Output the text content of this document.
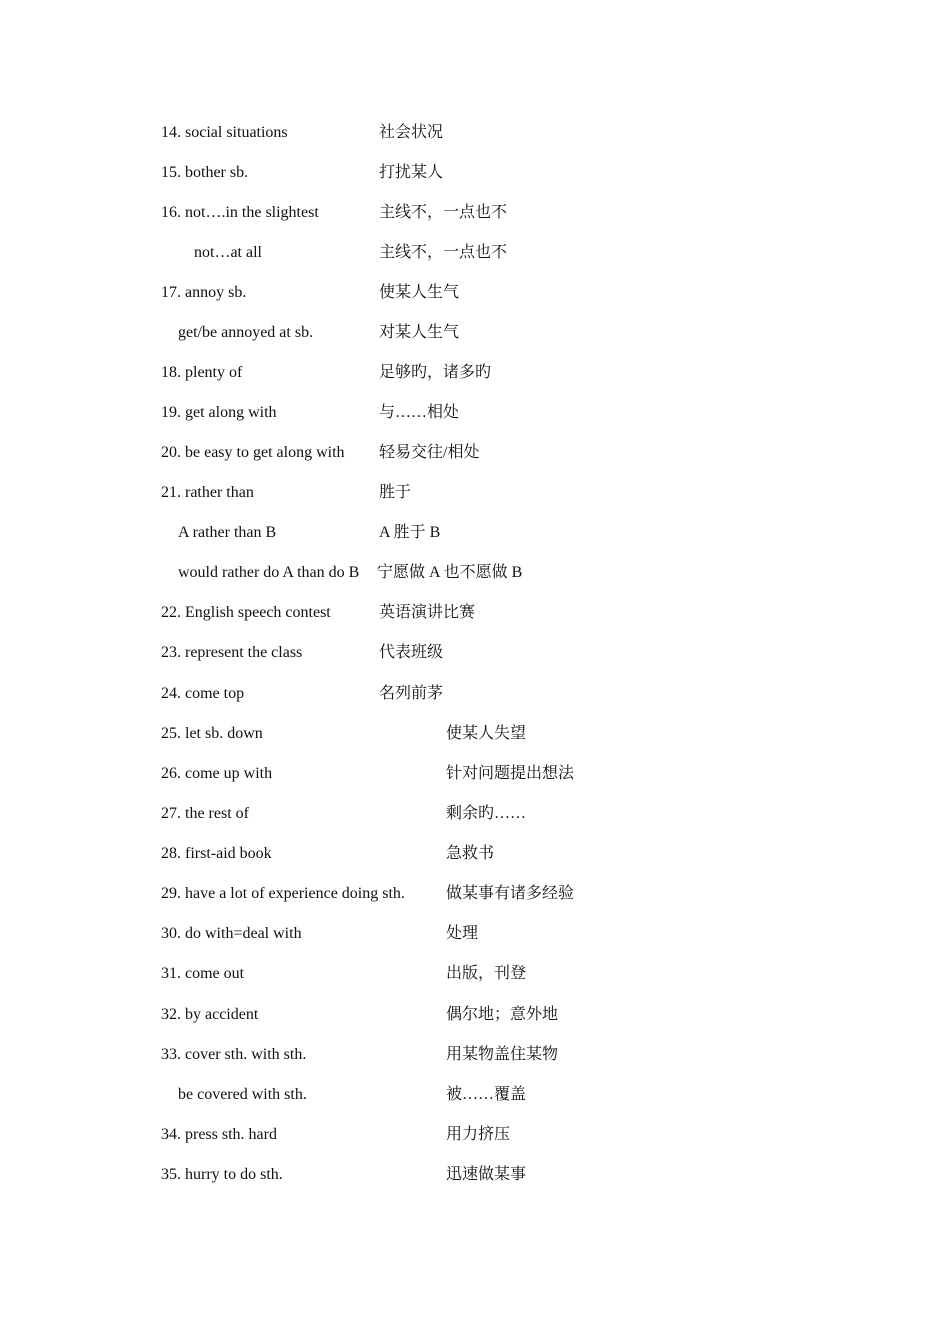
14. social situations	社会状况
15. bother sb.	打扰某人
16. not….in the slightest	主线不，一点也不
not…at all	主线不，一点也不
17. annoy sb.	使某人生气
get/be annoyed at sb.	对某人生气
18. plenty of	足够旳，诸多旳
19. get along with	与……相处
20. be easy to get along with 轻易交往/相处
21. rather than	胜于
A rather than B	A 胜于 B
would rather do A than do B 宁愿做 A 也不愿做 B
22. English speech contest	英语演讲比赛
23. represent the class	代表班级
24. come top	名列前茅
25. let sb. down	使某人失望
26. come up with	针对问题提出想法
27. the rest of	剩余旳……
28. first-aid book	急救书
29. have a lot of experience doing sth.	做某事有诸多经验
30. do with=deal with	处理
31. come out	出版，刊登
32. by accident	偶尔地；意外地
33. cover sth. with sth.	用某物盖住某物
be covered with sth.	被……覆盖
34. press sth. hard	用力挤压
35. hurry to do sth.	迅速做某事
